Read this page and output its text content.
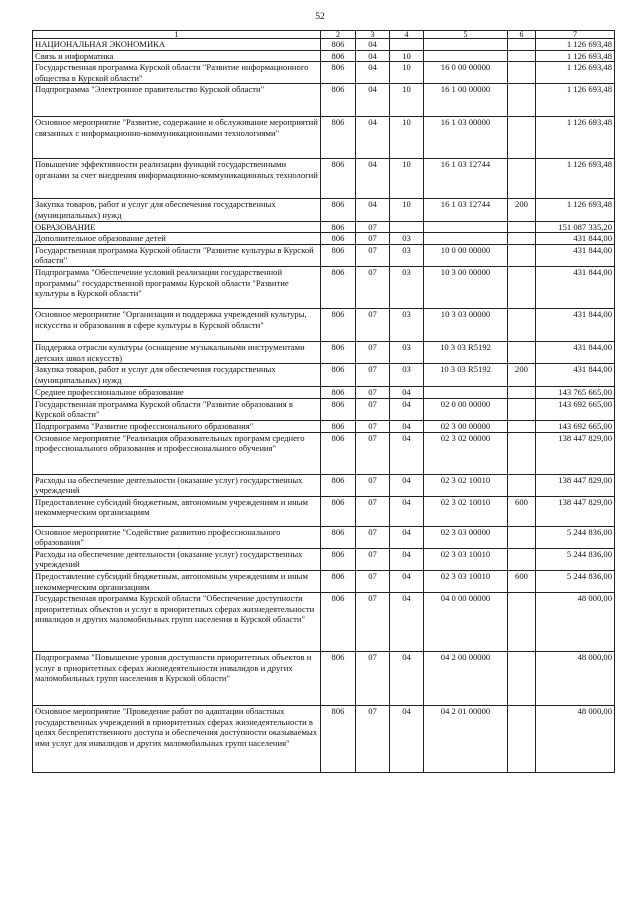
52
1	2	3	4	5	6	7
НАЦИОНАЛЬНАЯ ЭКОНОМИКА	806	04				1 126 693,48
Связь и информатика	806	04	10			1 126 693,48
Государственная программа Курской области "Развитие информационного общества в Курской области"	806	04	10	16 0 00 00000		1 126 693,48
Подпрограмма "Электронное правительство Курской области"	806	04	10	16 1 00 00000		1 126 693,48
Основное мероприятие "Развитие, содержание и обслуживание мероприятий связанных с информационно-коммуникационными технологиями"	806	04	10	16 1 03 00000		1 126 693,48
Повышение эффективности реализации функций государственными органами за счет внедрения информационно-коммуникационных технологий	806	04	10	16 1 03 12744		1 126 693,48
Закупка товаров, работ и услуг для обеспечения государственных (муниципальных) нужд	806	04	10	16 1 03 12744	200	1 126 693,48
ОБРАЗОВАНИЕ	806	07				151 087 335,20
Дополнительное образование детей	806	07	03			431 844,00
Государственная программа Курской области "Развитие культуры в Курской области"	806	07	03	10 0 00 00000		431 844,00
Подпрограмма "Обеспечение условий реализации государственной программы" государственной программы Курской области "Развитие культуры в Курской области"	806	07	03	10 3 00 00000		431 844,00
Основное мероприятие "Организация и поддержка учреждений культуры, искусства и образования в сфере культуры в Курской области"	806	07	03	10 3 03 00000		431 844,00
Поддержка отрасли культуры (оснащение музыкальными инструментами детских школ искусств)	806	07	03	10 3 03 R5192		431 844,00
Закупка товаров, работ и услуг для обеспечения государственных (муниципальных) нужд	806	07	03	10 3 03 R5192	200	431 844,00
Среднее профессиональное образование	806	07	04			143 765 665,00
Государственная программа Курской области "Развитие образования в Курской области"	806	07	04	02 0 00 00000		143 692 665,00
Подпрограмма "Развитие профессионального образования"	806	07	04	02 3 00 00000		143 692 665,00
Основное мероприятие "Реализация образовательных программ среднего профессионального образования и профессионального обучения"	806	07	04	02 3 02 00000		138 447 829,00
Расходы на обеспечение деятельности (оказание услуг) государственных учреждений	806	07	04	02 3 02 10010		138 447 829,00
Предоставление субсидий бюджетным, автономным учреждениям и иным некоммерческим организациям	806	07	04	02 3 02 10010	600	138 447 829,00
Основное мероприятие "Содействие развитию профессионального образования"	806	07	04	02 3 03 00000		5 244 836,00
Расходы на обеспечение деятельности (оказание услуг) государственных учреждений	806	07	04	02 3 03 10010		5 244 836,00
Предоставление субсидий бюджетным, автономным учреждениям и иным некоммерческим организациям	806	07	04	02 3 03 10010	600	5 244 836,00
Государственная программа Курской области "Обеспечение доступности приоритетных объектов и услуг в приоритетных сферах жизнедеятельности инвалидов и других маломобильных групп населения в Курской области"	806	07	04	04 0 00 00000		48 000,00
Подпрограмма "Повышение уровня доступности приоритетных объектов и услуг в приоритетных сферах жизнедеятельности инвалидов и других маломобильных групп населения в Курской области"	806	07	04	04 2 00 00000		48 000,00
Основное мероприятие "Проведение работ по адаптации областных государственных учреждений в приоритетных сферах жизнедеятельности в целях беспрепятственного доступа и обеспечения доступности оказываемых ими услуг для инвалидов и других маломобильных групп населения"	806	07	04	04 2 01 00000		48 000,00
